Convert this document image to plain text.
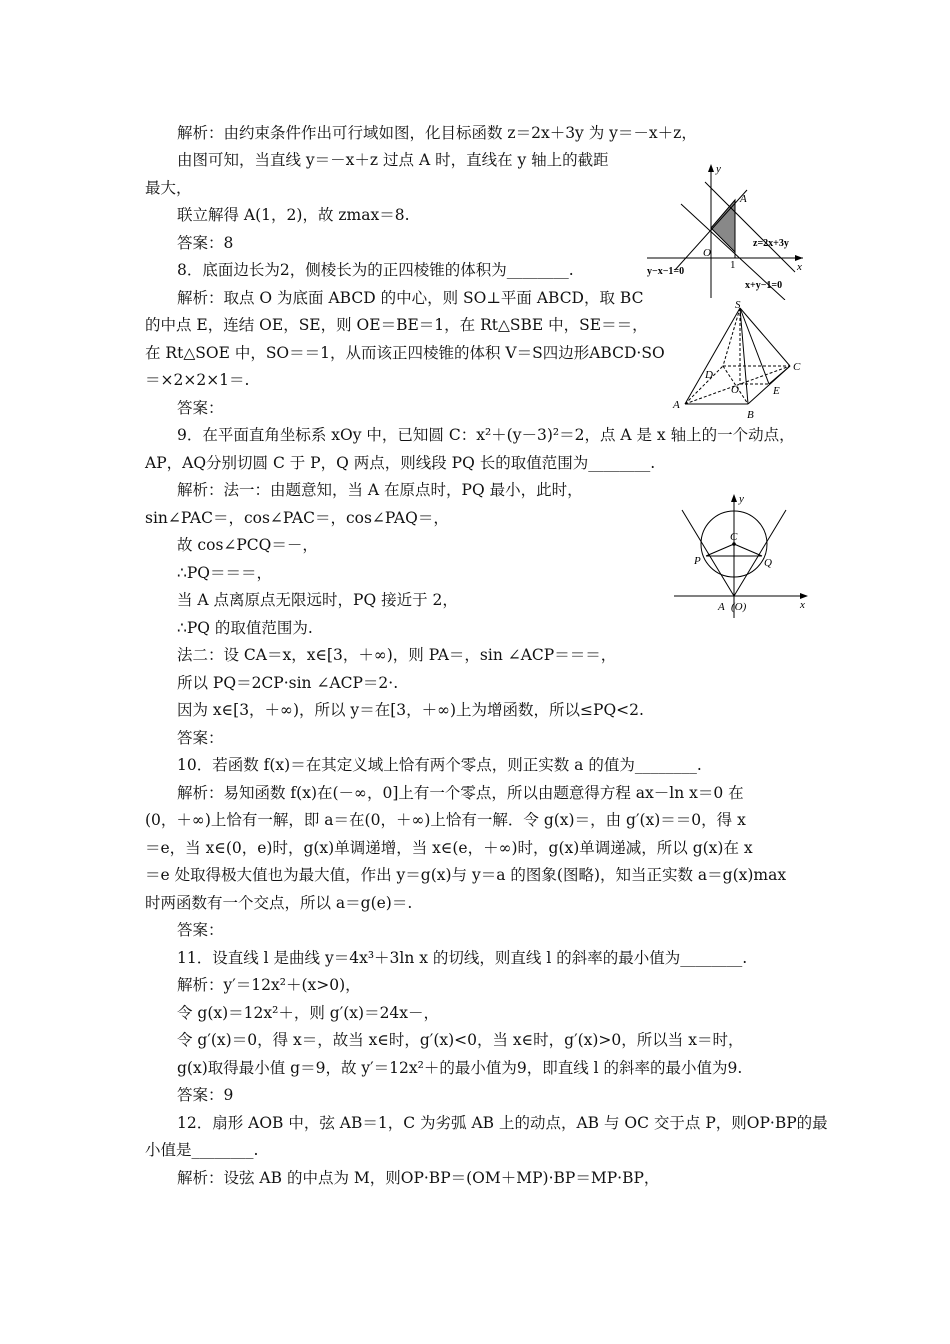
解析：由约束条件作出可行域如图，化目标函数 z＝2x＋3y 为 y＝－x＋z，
由图可知，当直线 y＝－x＋z 过点 A 时，直线在 y 轴上的截距
最大，
联立解得 A(1，2)，故 zmax＝8.
答案：8
8．底面边长为2，侧棱长为的正四棱锥的体积为________.
解析：取点 O 为底面 ABCD 的中心，则 SO⊥平面 ABCD，取 BC
的中点 E，连结 OE，SE，则 OE＝BE＝1，在 Rt△SBE 中，SE＝＝，
在 Rt△SOE 中，SO＝＝1，从而该正四棱锥的体积 V＝S四边形ABCD·SO
＝×2×2×1＝.
答案：
9．在平面直角坐标系 xOy 中，已知圆 C：x²＋(y－3)²＝2，点 A 是 x 轴上的一个动点，
AP，AQ分别切圆 C 于 P，Q 两点，则线段 PQ 长的取值范围为________.
解析：法一：由题意知，当 A 在原点时，PQ 最小，此时，
sin∠PAC＝，cos∠PAC＝，cos∠PAQ＝，
故 cos∠PCQ＝－，
∴PQ＝＝＝，
当 A 点离原点无限远时，PQ 接近于 2，
∴PQ 的取值范围为.
法二：设 CA＝x，x∈[3，＋∞)，则 PA＝，sin ∠ACP＝＝＝，
所以 PQ＝2CP·sin ∠ACP＝2·.
因为 x∈[3，＋∞)，所以 y＝在[3，＋∞)上为增函数，所以≤PQ<2.
答案：
10．若函数 f(x)＝在其定义域上恰有两个零点，则正实数 a 的值为________.
解析：易知函数 f(x)在(－∞，0]上有一个零点，所以由题意得方程 ax－ln x＝0 在
(0，＋∞)上恰有一解，即 a＝在(0，＋∞)上恰有一解．令 g(x)＝，由 g′(x)＝＝0，得 x
＝e，当 x∈(0，e)时，g(x)单调递增，当 x∈(e，＋∞)时，g(x)单调递减，所以 g(x)在 x
＝e 处取得极大值也为最大值，作出 y＝g(x)与 y＝a 的图象(图略)，知当正实数 a＝g(x)max
时两函数有一个交点，所以 a＝g(e)＝.
答案：
11．设直线 l 是曲线 y＝4x³＋3ln x 的切线，则直线 l 的斜率的最小值为________.
解析：y′＝12x²＋(x>0)，
令 g(x)＝12x²＋，则 g′(x)＝24x－，
令 g′(x)＝0，得 x＝，故当 x∈时，g′(x)<0，当 x∈时，g′(x)>0，所以当 x＝时，
g(x)取得最小值 g＝9，故 y′＝12x²＋的最小值为9，即直线 l 的斜率的最小值为9.
答案：9
12．扇形 AOB 中，弦 AB＝1，C 为劣弧 AB 上的动点，AB 与 OC 交于点 P，则OP·BP的最
小值是________.
解析：设弦 AB 的中点为 M，则OP·BP＝(OM＋MP)·BP＝MP·BP，
y
x
A
O
1
z=2x+3y
y−x−1=0
x+y−1=0
S
A
B
C
D
E
O
y
x
C
P	Q
A (O)
